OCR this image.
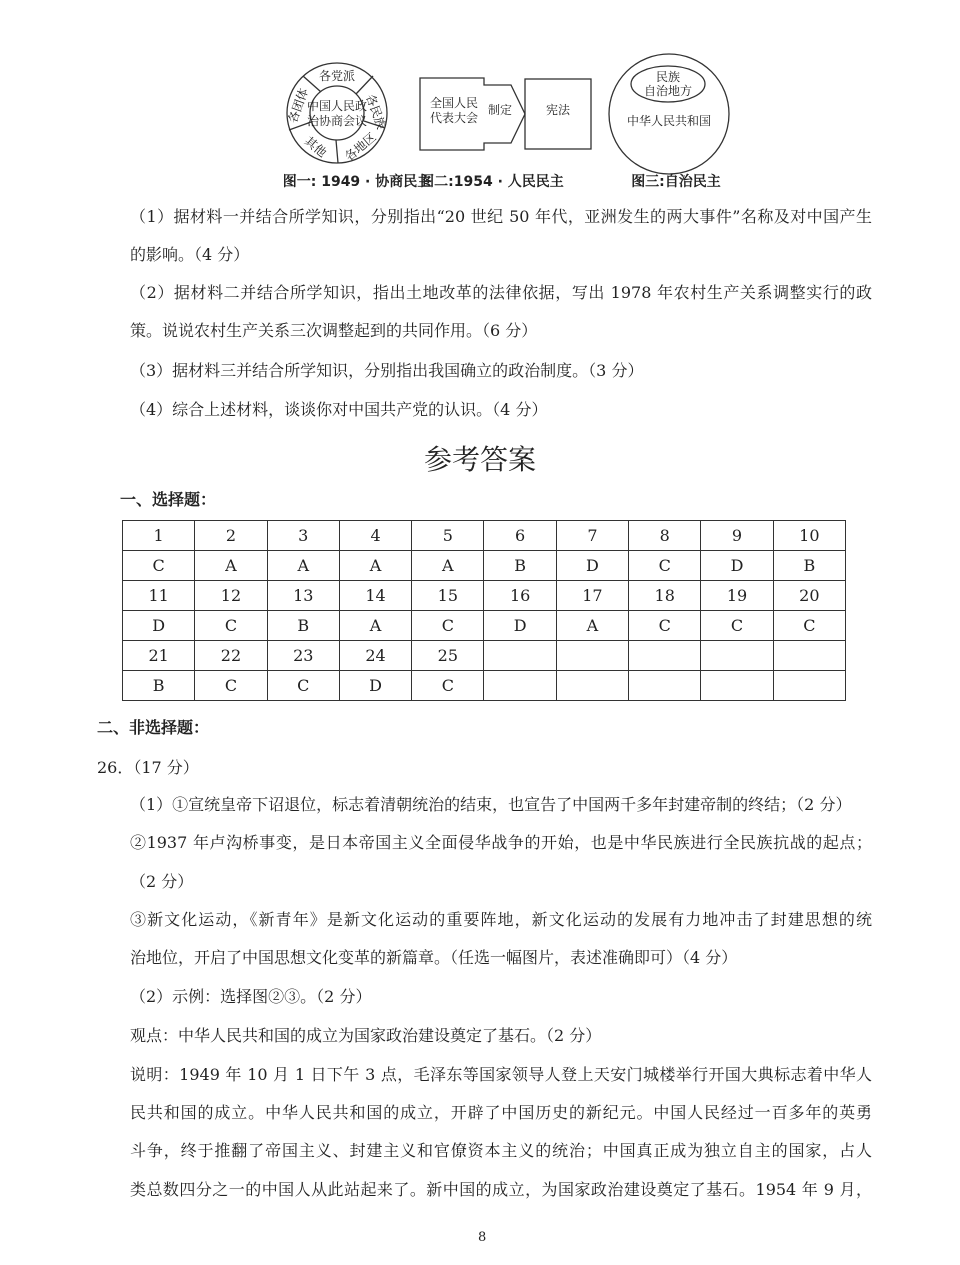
中国人民政治协商会议
各党派
各民族
各地区
其他
各团体
图一: 1949 · 协商民主
全国人民代表大会
制定	宪法
图二:1954 · 人民民主
民族自治地方
中华人民共和国
图三:自治民主
（1）据材料一并结合所学知识，分别指出“20 世纪 50 年代，亚洲发生的两大事件”名称及对中国产生
的影响。（4 分）
（2）据材料二并结合所学知识，指出土地改革的法律依据，写出 1978 年农村生产关系调整实行的政
策。说说农村生产关系三次调整起到的共同作用。（6 分）
（3）据材料三并结合所学知识，分别指出我国确立的政治制度。（3 分）
（4）综合上述材料，谈谈你对中国共产党的认识。（4 分）
参考答案
一、选择题：
1	2	3	4	5	6	7	8	9	10
C	A	A	A	A	B	D	C	D	B
11	12	13	14	15	16	17	18	19	20
D	C	B	A	C	D	A	C	C	C
21	22	23	24	25					
B	C	C	D	C					
二、非选择题：
26．（17 分）
（1）①宣统皇帝下诏退位，标志着清朝统治的结束，也宣告了中国两千多年封建帝制的终结；（2 分）
②1937 年卢沟桥事变，是日本帝国主义全面侵华战争的开始，也是中华民族进行全民族抗战的起点；
（2 分）
③新文化运动，《新青年》是新文化运动的重要阵地，新文化运动的发展有力地冲击了封建思想的统
治地位，开启了中国思想文化变革的新篇章。（任选一幅图片，表述准确即可）（4 分）
（2）示例：选择图②③。（2 分）
观点：中华人民共和国的成立为国家政治建设奠定了基石。（2 分）
说明：1949 年 10 月 1 日下午 3 点，毛泽东等国家领导人登上天安门城楼举行开国大典标志着中华人
民共和国的成立。中华人民共和国的成立，开辟了中国历史的新纪元。中国人民经过一百多年的英勇
斗争，终于推翻了帝国主义、封建主义和官僚资本主义的统治；中国真正成为独立自主的国家，占人
类总数四分之一的中国人从此站起来了。新中国的成立，为国家政治建设奠定了基石。1954 年 9 月，
8
